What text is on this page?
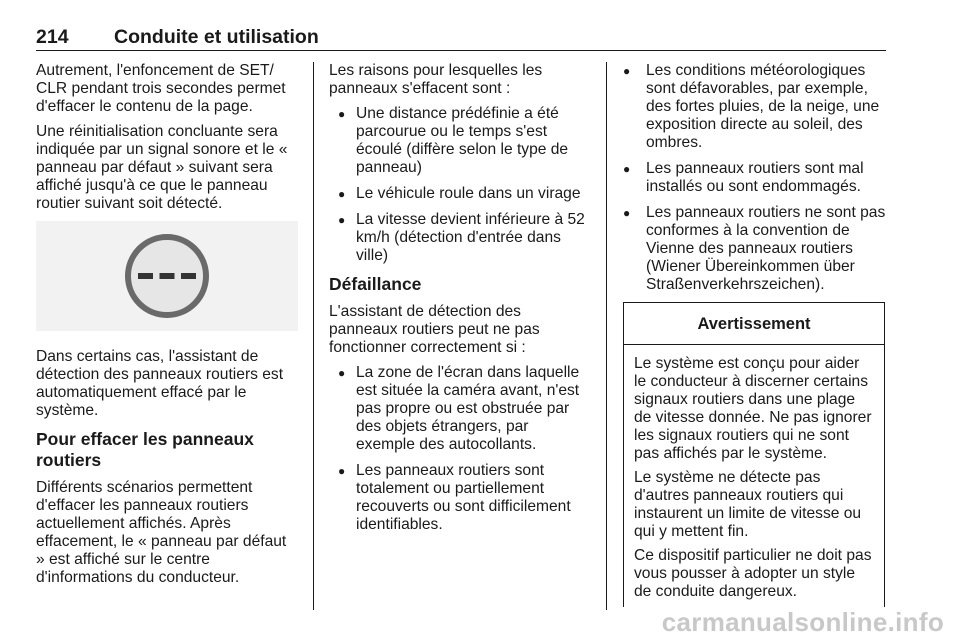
214 Conduite et utilisation

Autrement, l'enfoncement de SET/ CLR pendant trois secondes permet d'effacer le contenu de la page.

Une réinitialisation concluante sera indiquée par un signal sonore et le « panneau par défaut » suivant sera affiché jusqu'à ce que le panneau routier suivant soit détecté.

Dans certains cas, l'assistant de détection des panneaux routiers est automatiquement effacé par le système.

Pour effacer les panneaux routiers

Différents scénarios permettent d'effacer les panneaux routiers actuellement affichés. Après effacement, le « panneau par défaut » est affiché sur le centre d'informations du conducteur.

Les raisons pour lesquelles les panneaux s'effacent sont :

● Une distance prédéfinie a été parcourue ou le temps s'est écoulé (diffère selon le type de panneau)
● Le véhicule roule dans un virage
● La vitesse devient inférieure à 52 km/h (détection d'entrée dans ville)
Défaillance

L'assistant de détection des panneaux routiers peut ne pas fonctionner correctement si :

● La zone de l'écran dans laquelle est située la caméra avant, n'est pas propre ou est obstruée par des objets étrangers, par exemple des autocollants.
● Les panneaux routiers sont totalement ou partiellement recouverts ou sont difficilement identifiables.
● Les conditions météorologiques sont défavorables, par exemple, des fortes pluies, de la neige, une exposition directe au soleil, des ombres.
● Les panneaux routiers sont mal installés ou sont endommagés.
● Les panneaux routiers ne sont pas conformes à la convention de Vienne des panneaux routiers (Wiener Übereinkommen über Straßenverkehrszeichen).
Avertissement

Le système est conçu pour aider le conducteur à discerner certains signaux routiers dans une plage de vitesse donnée. Ne pas ignorer les signaux routiers qui ne sont pas affichés par le système.

Le système ne détecte pas d'autres panneaux routiers qui instaurent un limite de vitesse ou qui y mettent fin.

Ce dispositif particulier ne doit pas vous pousser à adopter un style de conduite dangereux.

carmanualsonline.info
